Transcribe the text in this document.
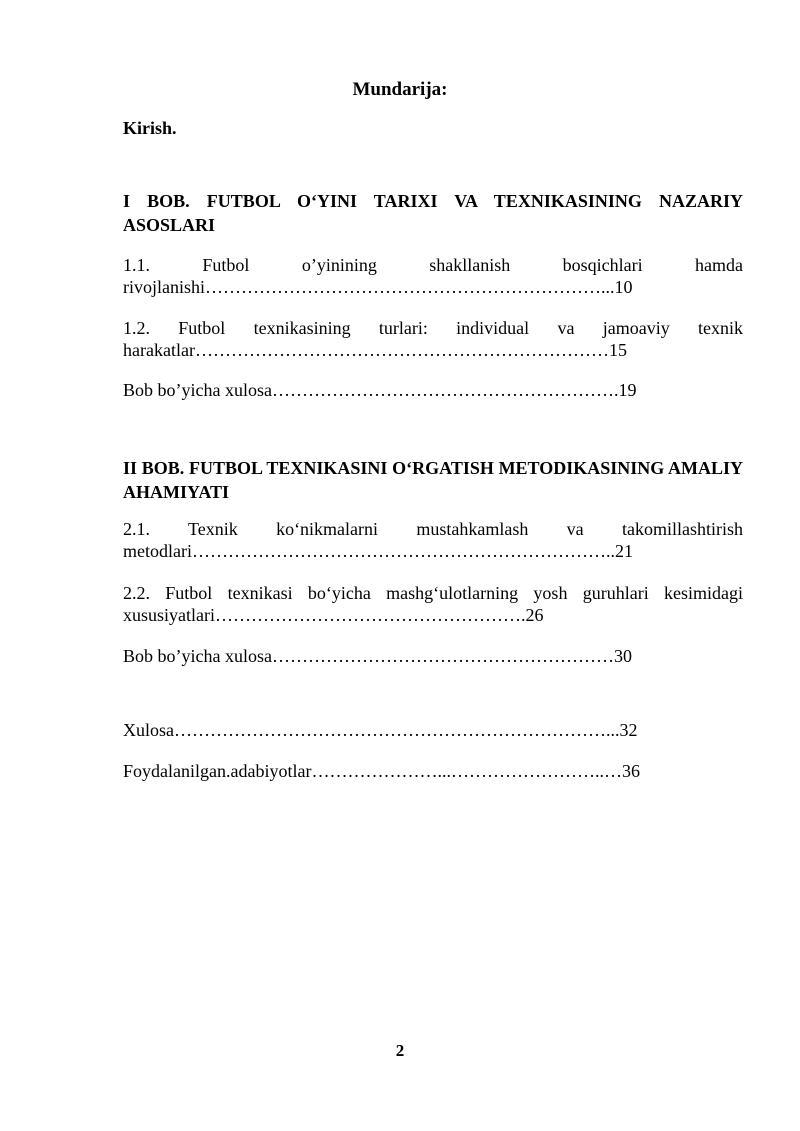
Mundarija:
Kirish.
I BOB. FUTBOL O‘YINI TARIXI VA TEXNIKASINING NAZARIY ASOSLARI
1.1. Futbol o’yinining shakllanish bosqichlari hamda rivojlanishi…………………………………………………………...10
1.2. Futbol texnikasining turlari: individual va jamoaviy texnik harakatlar……………………………………………………………15
Bob bo’yicha xulosa………………………………………………….19
II BOB. FUTBOL TEXNIKASINI O‘RGATISH METODIKASINING AMALIY AHAMIYATI
2.1. Texnik ko‘nikmalarni mustahkamlash va takomillashtirish metodlari……………………………………………………………..21
2.2. Futbol texnikasi bo‘yicha mashg‘ulotlarning yosh guruhlari kesimidagi xususiyatlari…………………………………………….26
Bob bo’yicha xulosa…………………………………………………30
Xulosa………………………………………………………………...32
Foydalanilgan.adabiyotlar…………………...……………………..…36
2
